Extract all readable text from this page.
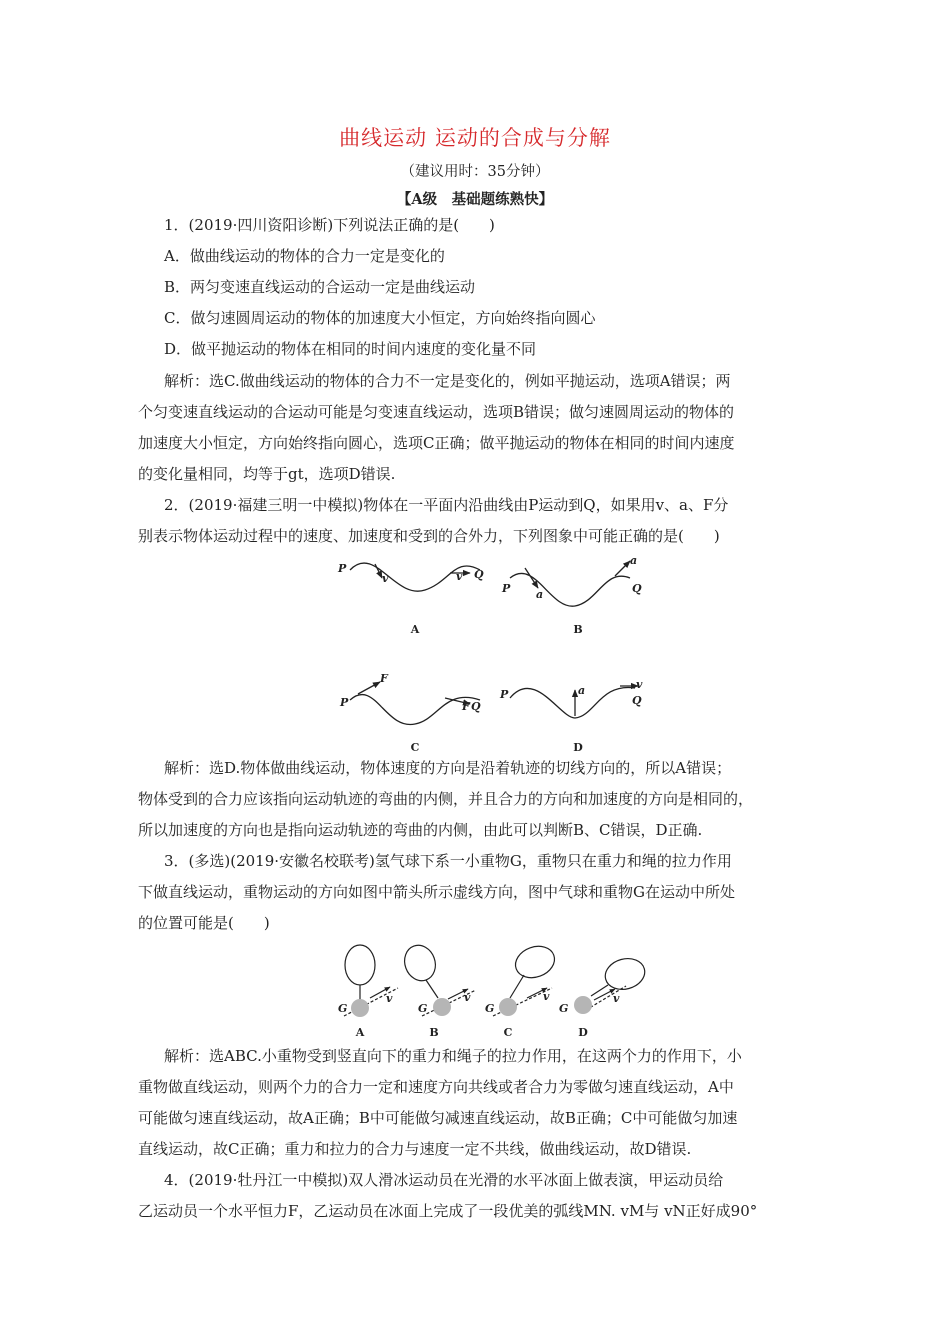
曲线运动 运动的合成与分解
（建议用时：35分钟）
【A级　基础题练熟快】
1．(2019·四川资阳诊断)下列说法正确的是(　　)
A．做曲线运动的物体的合力一定是变化的
B．两匀变速直线运动的合运动一定是曲线运动
C．做匀速圆周运动的物体的加速度大小恒定，方向始终指向圆心
D．做平抛运动的物体在相同的时间内速度的变化量不同
解析：选C.做曲线运动的物体的合力不一定是变化的，例如平抛运动，选项A错误；两
个匀变速直线运动的合运动可能是匀变速直线运动，选项B错误；做匀速圆周运动的物体的
加速度大小恒定，方向始终指向圆心，选项C正确；做平抛运动的物体在相同的时间内速度
的变化量相同，均等于gt，选项D错误.
2．(2019·福建三明一中模拟)物体在一平面内沿曲线由P运动到Q，如果用v、a、F分
别表示物体运动过程中的速度、加速度和受到的合外力，下列图象中可能正确的是(　　)
P
v	v Q
P a
a
Q
P
F
F Q
P	a	v
Q
A	B
C	D
解析：选D.物体做曲线运动，物体速度的方向是沿着轨迹的切线方向的，所以A错误；
物体受到的合力应该指向运动轨迹的弯曲的内侧，并且合力的方向和加速度的方向是相同的，
所以加速度的方向也是指向运动轨迹的弯曲的内侧，由此可以判断B、C错误，D正确.
3．(多选)(2019·安徽名校联考)氢气球下系一小重物G，重物只在重力和绳的拉力作用
下做直线运动，重物运动的方向如图中箭头所示虚线方向，图中气球和重物G在运动中所处
的位置可能是(　　)
G
v
G
v
G
v
G
v
A	B	C	D
解析：选ABC.小重物受到竖直向下的重力和绳子的拉力作用，在这两个力的作用下，小
重物做直线运动，则两个力的合力一定和速度方向共线或者合力为零做匀速直线运动，A中
可能做匀速直线运动，故A正确；B中可能做匀减速直线运动，故B正确；C中可能做匀加速
直线运动，故C正确；重力和拉力的合力与速度一定不共线，做曲线运动，故D错误.
4．(2019·牡丹江一中模拟)双人滑冰运动员在光滑的水平冰面上做表演，甲运动员给
乙运动员一个水平恒力F，乙运动员在冰面上完成了一段优美的弧线MN. vM与 vN正好成90°
